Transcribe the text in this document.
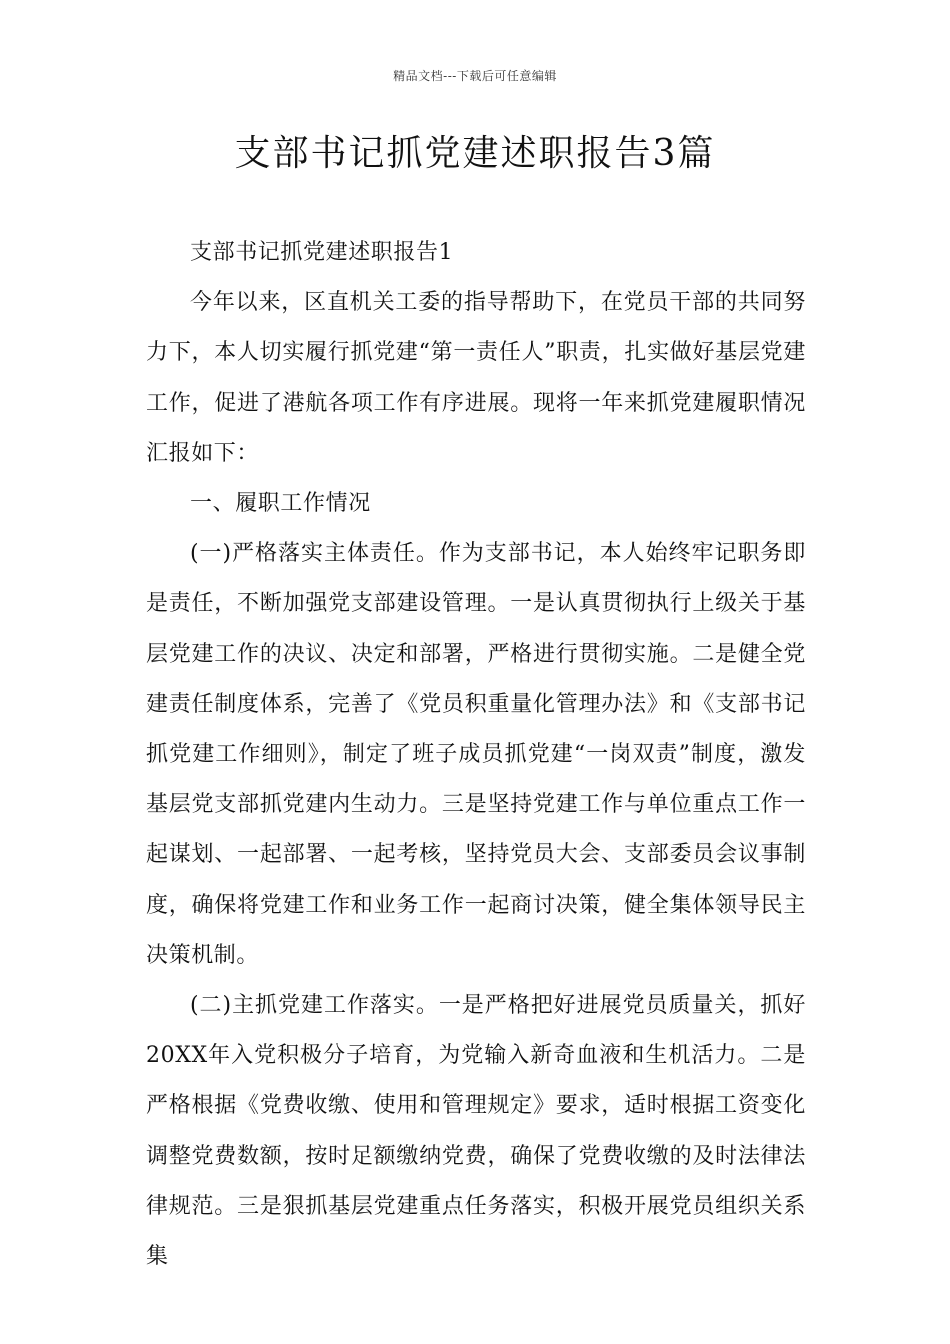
精品文档---下载后可任意编辑
支部书记抓党建述职报告3篇

支部书记抓党建述职报告1

今年以来，区直机关工委的指导帮助下，在党员干部的共同努力下，本人切实履行抓党建“第一责任人”职责，扎实做好基层党建工作，促进了港航各项工作有序进展。现将一年来抓党建履职情况汇报如下：

一、履职工作情况

(一)严格落实主体责任。作为支部书记，本人始终牢记职务即是责任，不断加强党支部建设管理。一是认真贯彻执行上级关于基层党建工作的决议、决定和部署，严格进行贯彻实施。二是健全党建责任制度体系，完善了《党员积重量化管理办法》和《支部书记抓党建工作细则》，制定了班子成员抓党建“一岗双责”制度，激发基层党支部抓党建内生动力。三是坚持党建工作与单位重点工作一起谋划、一起部署、一起考核，坚持党员大会、支部委员会议事制度，确保将党建工作和业务工作一起商讨决策，健全集体领导民主决策机制。

(二)主抓党建工作落实。一是严格把好进展党员质量关，抓好20XX年入党积极分子培育，为党输入新奇血液和生机活力。二是严格根据《党费收缴、使用和管理规定》要求，适时根据工资变化调整党费数额，按时足额缴纳党费，确保了党费收缴的及时法律法律规范。三是狠抓基层党建重点任务落实，积极开展党员组织关系集
